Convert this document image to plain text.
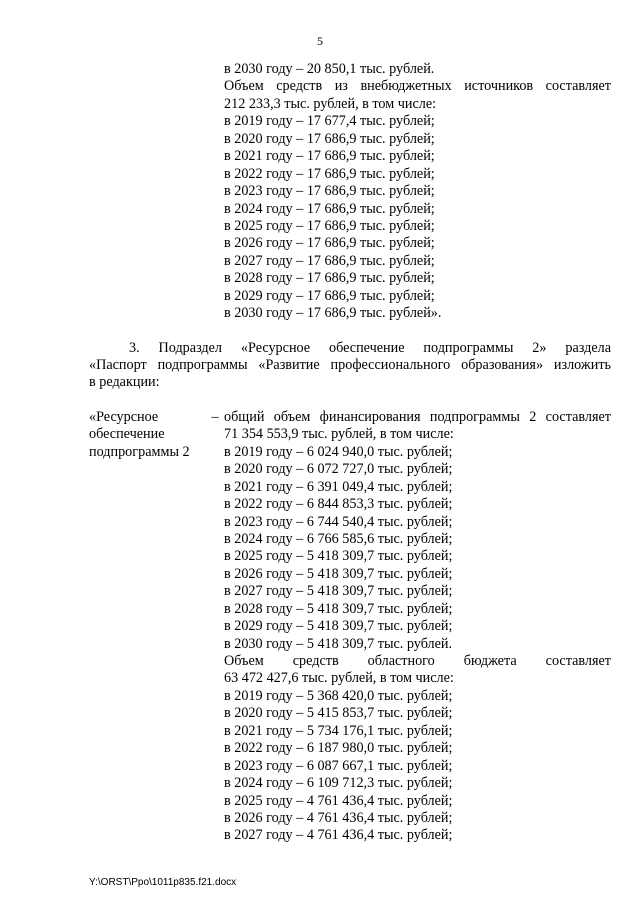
5
в 2030 году – 20 850,1 тыс. рублей.
Объем средств из внебюджетных источников составляет
212 233,3 тыс. рублей, в том числе:
в 2019 году – 17 677,4 тыс. рублей;
в 2020 году – 17 686,9 тыс. рублей;
в 2021 году – 17 686,9 тыс. рублей;
в 2022 году – 17 686,9 тыс. рублей;
в 2023 году – 17 686,9 тыс. рублей;
в 2024 году – 17 686,9 тыс. рублей;
в 2025 году – 17 686,9 тыс. рублей;
в 2026 году – 17 686,9 тыс. рублей;
в 2027 году – 17 686,9 тыс. рублей;
в 2028 году – 17 686,9 тыс. рублей;
в 2029 году – 17 686,9 тыс. рублей;
в 2030 году – 17 686,9 тыс. рублей».
3. Подраздел «Ресурсное обеспечение подпрограммы 2» раздела
«Паспорт подпрограммы «Развитие профессионального образования» изложить
в редакции:
«Ресурсное
обеспечение
подпрограммы 2
– общий объем финансирования подпрограммы 2 составляет
71 354 553,9 тыс. рублей, в том числе:
в 2019 году – 6 024 940,0 тыс. рублей;
в 2020 году – 6 072 727,0 тыс. рублей;
в 2021 году – 6 391 049,4 тыс. рублей;
в 2022 году – 6 844 853,3 тыс. рублей;
в 2023 году – 6 744 540,4 тыс. рублей;
в 2024 году – 6 766 585,6 тыс. рублей;
в 2025 году – 5 418 309,7 тыс. рублей;
в 2026 году – 5 418 309,7 тыс. рублей;
в 2027 году – 5 418 309,7 тыс. рублей;
в 2028 году – 5 418 309,7 тыс. рублей;
в 2029 году – 5 418 309,7 тыс. рублей;
в 2030 году – 5 418 309,7 тыс. рублей.
Объем средств областного бюджета составляет
63 472 427,6 тыс. рублей, в том числе:
в 2019 году – 5 368 420,0 тыс. рублей;
в 2020 году – 5 415 853,7 тыс. рублей;
в 2021 году – 5 734 176,1 тыс. рублей;
в 2022 году – 6 187 980,0 тыс. рублей;
в 2023 году – 6 087 667,1 тыс. рублей;
в 2024 году – 6 109 712,3 тыс. рублей;
в 2025 году – 4 761 436,4 тыс. рублей;
в 2026 году – 4 761 436,4 тыс. рублей;
в 2027 году – 4 761 436,4 тыс. рублей;
Y:\ORST\Ppo\1011p835.f21.docx
